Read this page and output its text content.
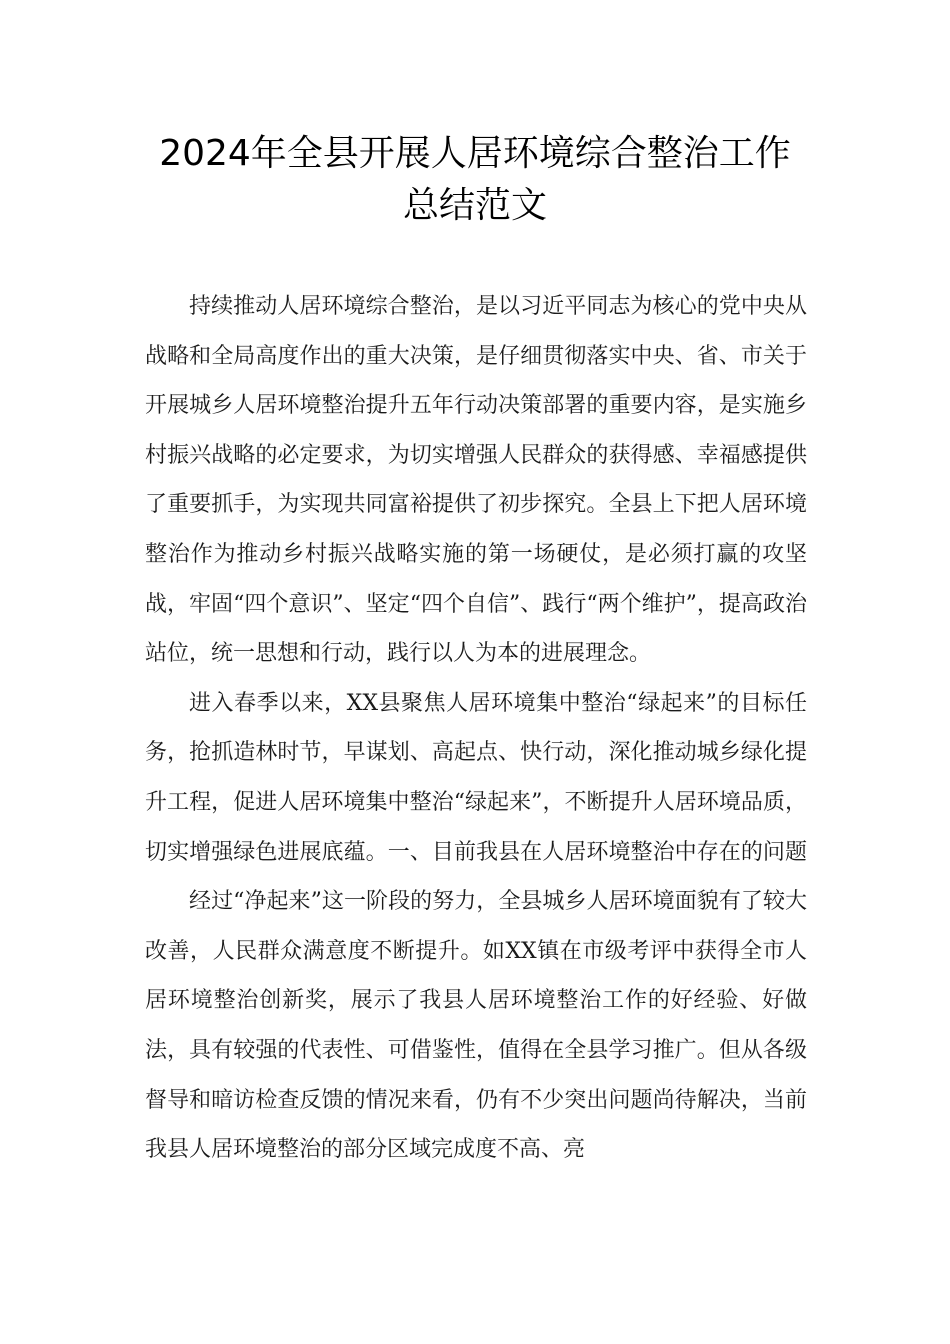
2024年全县开展人居环境综合整治工作
总结范文

持续推动人居环境综合整治，是以习近平同志为核心的党中央从战略和全局高度作出的重大决策，是仔细贯彻落实中央、省、市关于开展城乡人居环境整治提升五年行动决策部署的重要内容，是实施乡村振兴战略的必定要求，为切实增强人民群众的获得感、幸福感提供了重要抓手，为实现共同富裕提供了初步探究。全县上下把人居环境整治作为推动乡村振兴战略实施的第一场硬仗，是必须打赢的攻坚战，牢固“四个意识”、坚定“四个自信”、践行“两个维护”，提高政治站位，统一思想和行动，践行以人为本的进展理念。

进入春季以来，XX县聚焦人居环境集中整治“绿起来”的目标任务，抢抓造林时节，早谋划、高起点、快行动，深化推动城乡绿化提升工程，促进人居环境集中整治“绿起来”，不断提升人居环境品质，切实增强绿色进展底蕴。一、目前我县在人居环境整治中存在的问题经过“净起来”这一阶段的努力，全县城乡人居环境面貌有了较大改善，人民群众满意度不断提升。如XX镇在市级考评中获得全市人居环境整治创新奖，展示了我县人居环境整治工作的好经验、好做法，具有较强的代表性、可借鉴性，值得在全县学习推广。但从各级督导和暗访检查反馈的情况来看，仍有不少突出问题尚待解决，当前我县人居环境整治的部分区域完成度不高、亮
